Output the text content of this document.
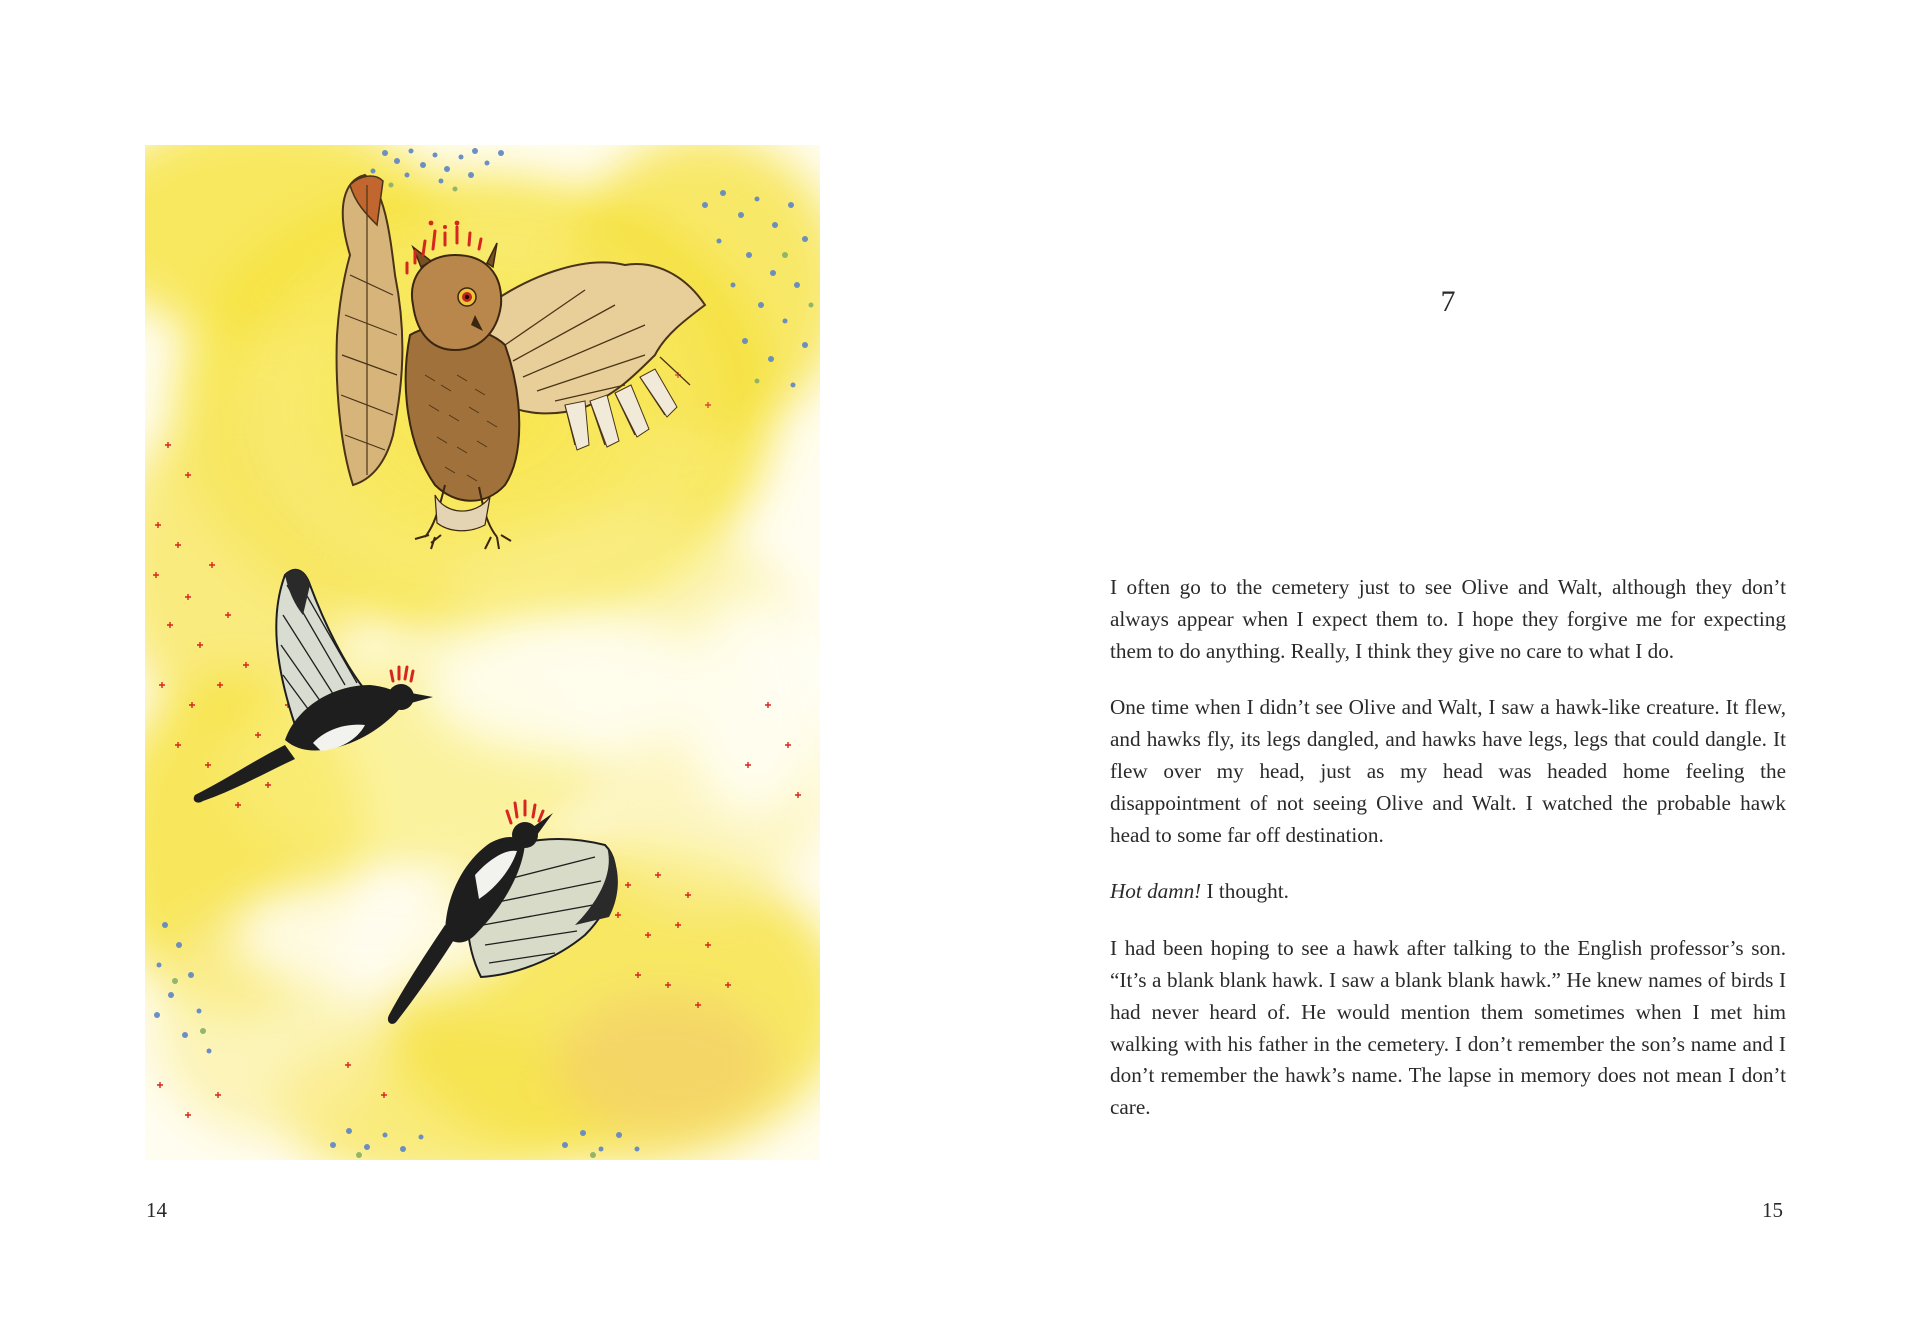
14
7

I often go to the cemetery just to see Olive and Walt, although they don’t always appear when I expect them to. I hope they forgive me for expecting them to do anything. Really, I think they give no care to what I do.

One time when I didn’t see Olive and Walt, I saw a hawk-like creature. It flew, and hawks fly, its legs dangled, and hawks have legs, legs that could dangle. It flew over my head, just as my head was headed home feeling the disappointment of not seeing Olive and Walt. I watched the probable hawk head to some far off destination.

Hot damn! I thought.

I had been hoping to see a hawk after talking to the English professor’s son. “It’s a blank blank hawk. I saw a blank blank hawk.” He knew names of birds I had never heard of. He would mention them sometimes when I met him walking with his father in the cemetery. I don’t remember the son’s name and I don’t remember the hawk’s name. The lapse in memory does not mean I don’t care.

15
